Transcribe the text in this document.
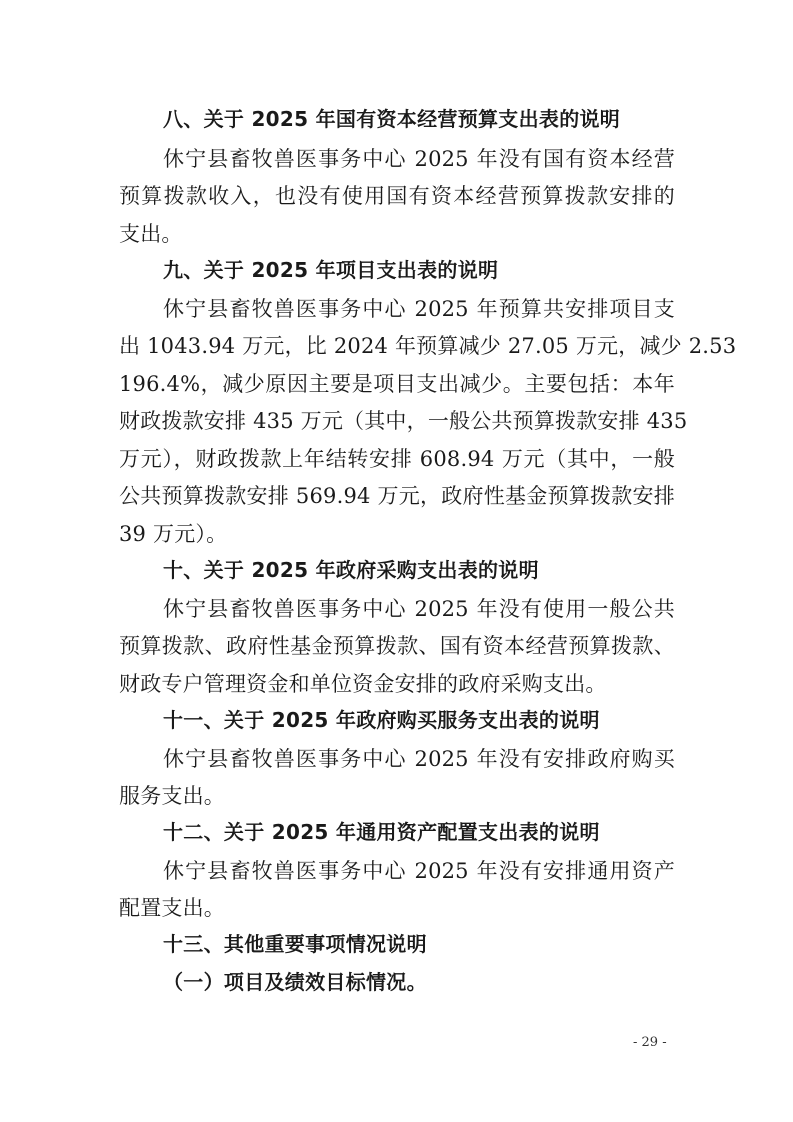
八、关于 2025 年国有资本经营预算支出表的说明
休宁县畜牧兽医事务中心 2025 年没有国有资本经营
预算拨款收入，也没有使用国有资本经营预算拨款安排的
支出。
九、关于 2025 年项目支出表的说明
休宁县畜牧兽医事务中心 2025 年预算共安排项目支
出 1043.94 万元，比 2024 年预算减少 27.05 万元，减少 2.53
196.4%，减少原因主要是项目支出减少。主要包括：本年
财政拨款安排 435 万元（其中，一般公共预算拨款安排 435
万元），财政拨款上年结转安排 608.94 万元（其中，一般
公共预算拨款安排 569.94 万元，政府性基金预算拨款安排
39 万元）。
十、关于 2025 年政府采购支出表的说明
休宁县畜牧兽医事务中心 2025 年没有使用一般公共
预算拨款、政府性基金预算拨款、国有资本经营预算拨款、
财政专户管理资金和单位资金安排的政府采购支出。
十一、关于 2025 年政府购买服务支出表的说明
休宁县畜牧兽医事务中心 2025 年没有安排政府购买
服务支出。
十二、关于 2025 年通用资产配置支出表的说明
休宁县畜牧兽医事务中心 2025 年没有安排通用资产
配置支出。
十三、其他重要事项情况说明
（一）项目及绩效目标情况。
- 29 -
